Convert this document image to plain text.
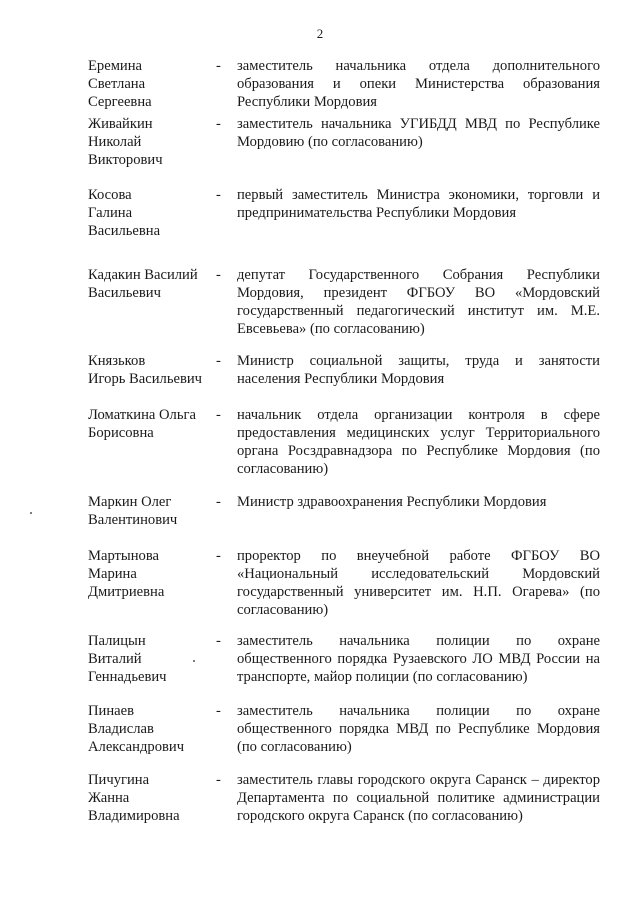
2
Еремина
Светлана
Сергеевна
- заместитель начальника отдела дополнительного образования и опеки Министерства образования Республики Мордовия
Живайкин
Николай
Викторович
- заместитель начальника УГИБДД МВД по Республике Мордовию (по согласованию)
Косова
Галина
Васильевна
- первый заместитель Министра экономики, торговли и предпринимательства Республики Мордовия
Кадакин Василий
Васильевич
- депутат Государственного Собрания Республики Мордовия, президент ФГБОУ ВО «Мордовский государственный педагогический институт им. М.Е. Евсевьева» (по согласованию)
Князьков
Игорь Васильевич
- Министр социальной защиты, труда и занятости населения Республики Мордовия
Ломаткина Ольга
Борисовна
- начальник отдела организации контроля в сфере предоставления медицинских услуг Территориального органа Росздравнадзора по Республике Мордовия (по согласованию)
Маркин Олег
Валентинович
- Министр здравоохранения Республики Мордовия
Мартынова
Марина
Дмитриевна
- проректор по внеучебной работе ФГБОУ ВО «Национальный исследовательский Мордовский государственный университет им. Н.П. Огарева» (по согласованию)
Палицын
Виталий
Геннадьевич
- заместитель начальника полиции по охране общественного порядка Рузаевского ЛО МВД России на транспорте, майор полиции (по согласованию)
Пинаев
Владислав
Александрович
- заместитель начальника полиции по охране общественного порядка МВД по Республике Мордовия (по согласованию)
Пичугина
Жанна
Владимировна
- заместитель главы городского округа Саранск – директор Департамента по социальной политике администрации городского округа Саранск (по согласованию)
